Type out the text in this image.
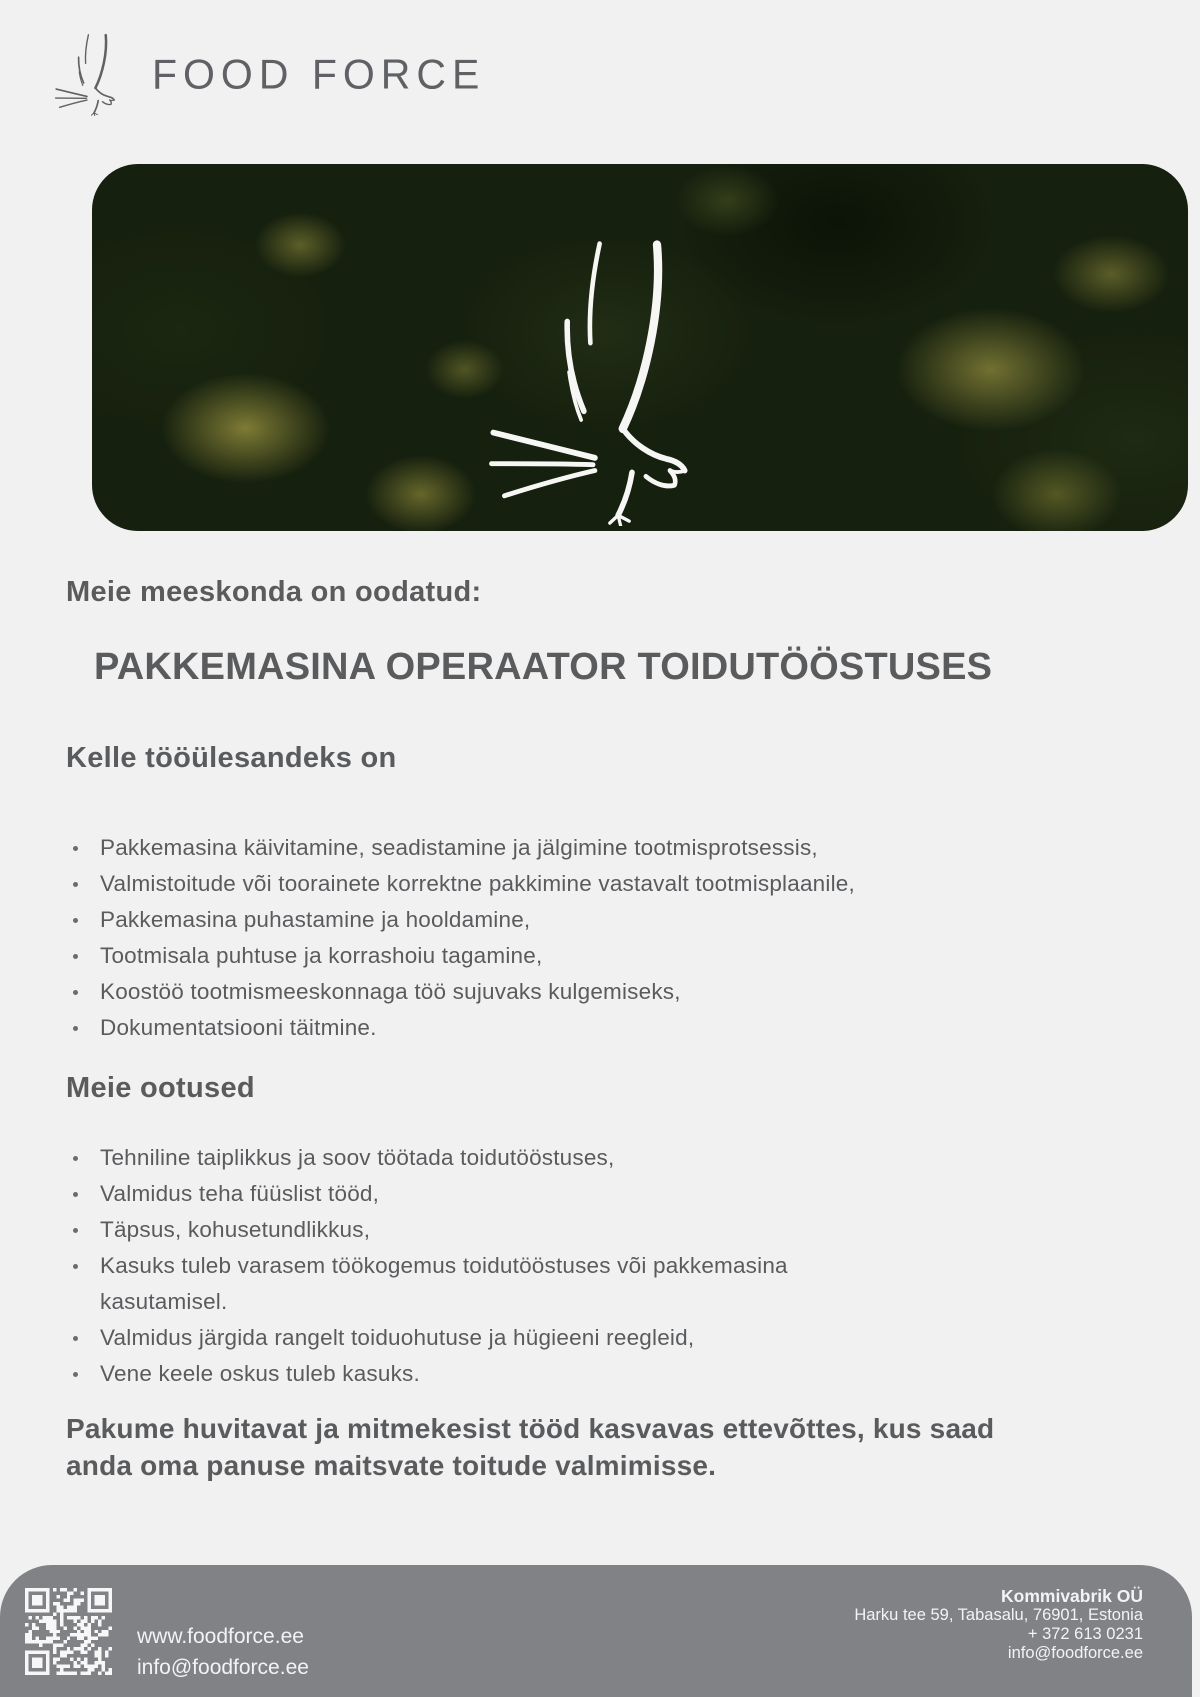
FOOD FORCE

Meie meeskonda on oodatud:

PAKKEMASINA OPERAATOR TOIDUTÖÖSTUSES
Kelle tööülesandeks on
Pakkemasina käivitamine, seadistamine ja jälgimine tootmisprotsessis,
Valmistoitude või toorainete korrektne pakkimine vastavalt tootmisplaanile,
Pakkemasina puhastamine ja hooldamine,
Tootmisala puhtuse ja korrashoiu tagamine,
Koostöö tootmismeeskonnaga töö sujuvaks kulgemiseks,
Dokumentatsiooni täitmine.
Meie ootused
Tehniline taiplikkus ja soov töötada toidutööstuses,
Valmidus teha füüslist tööd,
Täpsus, kohusetundlikkus,
Kasuks tuleb varasem töökogemus toidutööstuses või pakkemasina kasutamisel.
Valmidus järgida rangelt toiduohutuse ja hügieeni reegleid,
Vene keele oskus tuleb kasuks.

Pakume huvitavat ja mitmekesist tööd kasvavas ettevõttes, kus saad anda oma panuse maitsvate toitude valmimisse.

www.foodforce.ee
info@foodforce.ee
Kommivabrik OÜ
Harku tee 59, Tabasalu, 76901, Estonia
+ 372 613 0231
info@foodforce.ee
